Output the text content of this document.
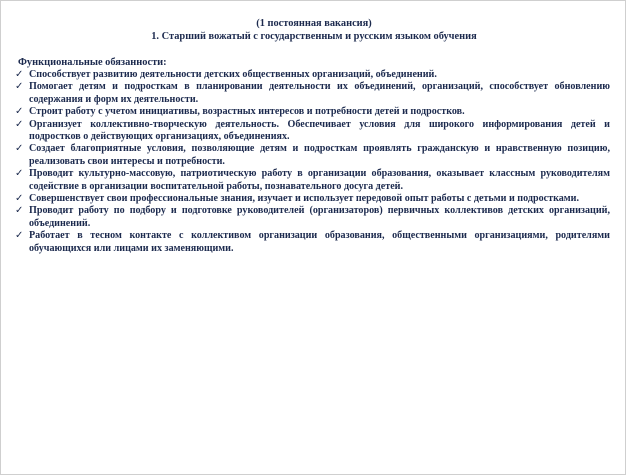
(1 постоянная вакансия)
1. Старший вожатый с государственным и русским языком обучения
Функциональные обязанности:
✓ Способствует развитию деятельности детских общественных организаций, объединений.
✓ Помогает детям и подросткам в планировании деятельности их объединений, организаций, способствует обновлению содержания и форм их деятельности.
✓ Строит работу с учетом инициативы, возрастных интересов и потребности детей и подростков.
✓ Организует коллективно-творческую деятельность. Обеспечивает условия для широкого информирования детей и подростков о действующих организациях, объединениях.
✓ Создает благоприятные условия, позволяющие детям и подросткам проявлять гражданскую и нравственную позицию, реализовать свои интересы и потребности.
✓ Проводит культурно-массовую, патриотическую работу в организации образования, оказывает классным руководителям содействие в организации воспитательной работы, познавательного досуга детей.
✓ Совершенствует свои профессиональные знания, изучает и использует передовой опыт работы с детьми и подростками.
✓ Проводит работу по подбору и подготовке руководителей (организаторов) первичных коллективов детских организаций, объединений.
✓ Работает в тесном контакте с коллективом организации образования, общественными организациями, родителями обучающихся или лицами их заменяющими.
